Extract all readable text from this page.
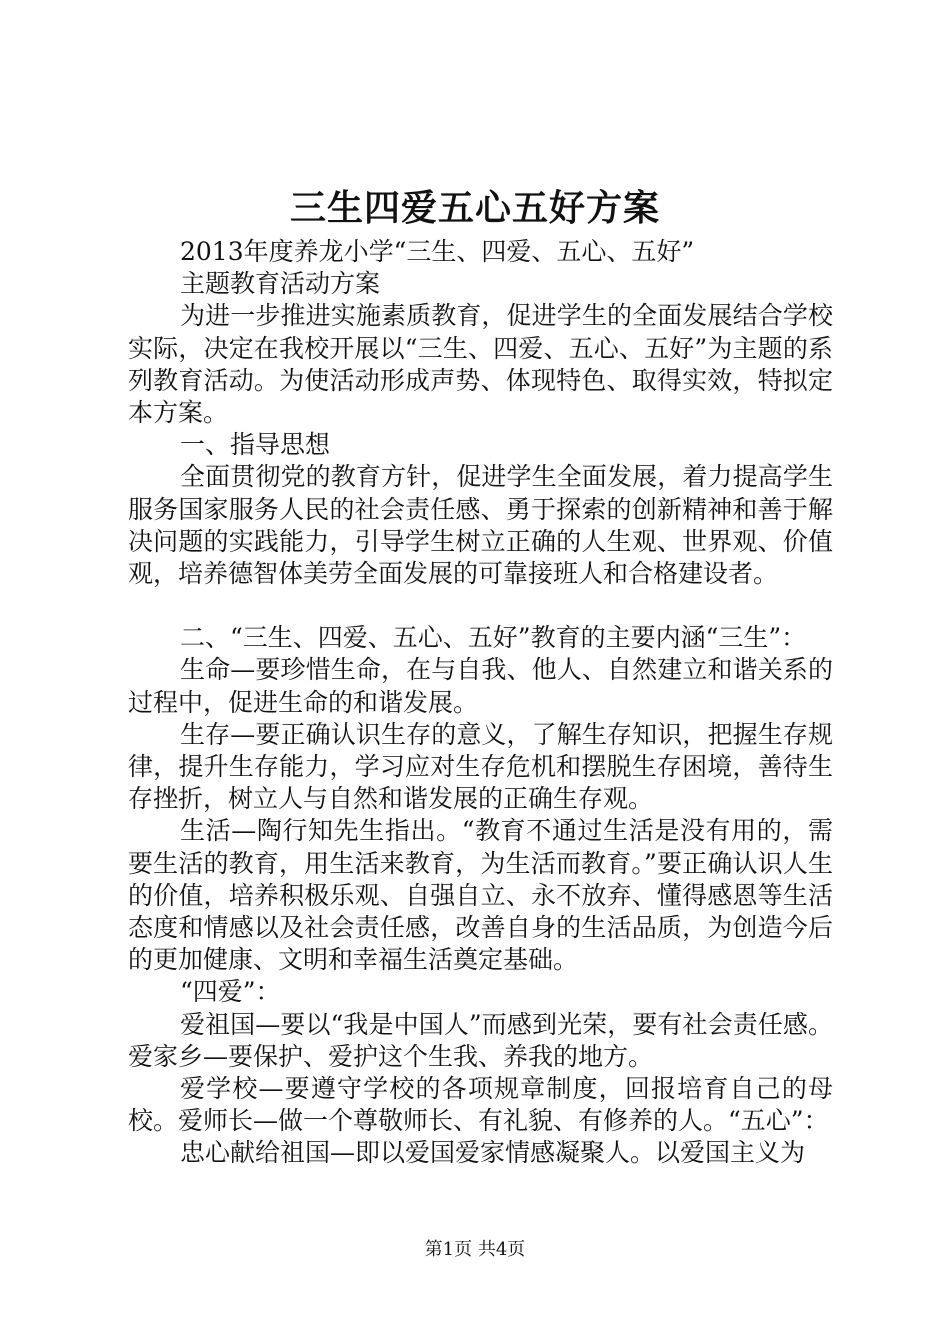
三生四爱五心五好方案

2013年度养龙小学“三生、四爱、五心、五好”

主题教育活动方案

为进一步推进实施素质教育，促进学生的全面发展结合学校实际，决定在我校开展以“三生、四爱、五心、五好”为主题的系列教育活动。为使活动形成声势、体现特色、取得实效，特拟定本方案。

一、指导思想

全面贯彻党的教育方针，促进学生全面发展，着力提高学生服务国家服务人民的社会责任感、勇于探索的创新精神和善于解决问题的实践能力，引导学生树立正确的人生观、世界观、价值观，培养德智体美劳全面发展的可靠接班人和合格建设者。

二、“三生、四爱、五心、五好”教育的主要内涵“三生”：

生命—要珍惜生命，在与自我、他人、自然建立和谐关系的过程中，促进生命的和谐发展。

生存—要正确认识生存的意义，了解生存知识，把握生存规律，提升生存能力，学习应对生存危机和摆脱生存困境，善待生存挫折，树立人与自然和谐发展的正确生存观。

生活—陶行知先生指出。“教育不通过生活是没有用的，需要生活的教育，用生活来教育，为生活而教育。”要正确认识人生的价值，培养积极乐观、自强自立、永不放弃、懂得感恩等生活态度和情感以及社会责任感，改善自身的生活品质，为创造今后的更加健康、文明和幸福生活奠定基础。

“四爱”：

爱祖国—要以“我是中国人”而感到光荣，要有社会责任感。爱家乡—要保护、爱护这个生我、养我的地方。

爱学校—要遵守学校的各项规章制度，回报培育自己的母校。爱师长—做一个尊敬师长、有礼貌、有修养的人。“五心”：

忠心献给祖国—即以爱国爱家情感凝聚人。以爱国主义为

第1页 共4页
